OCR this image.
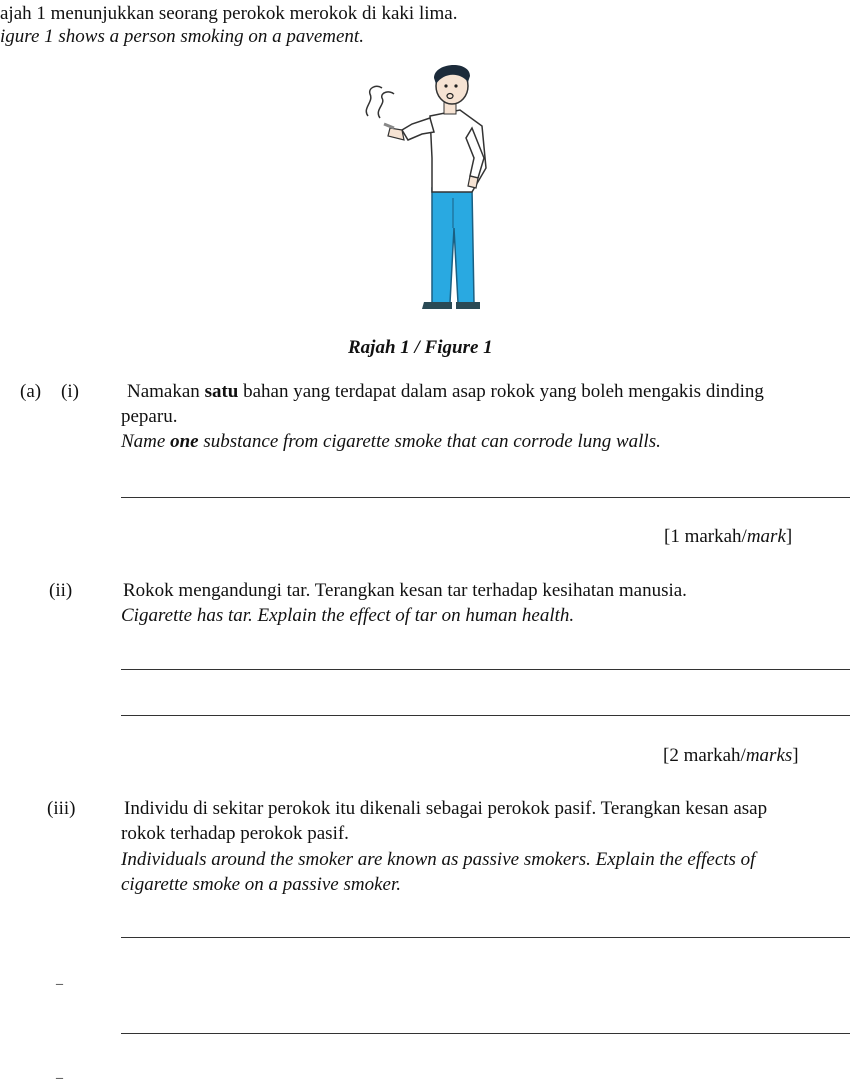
ajah 1 menunjukkan seorang perokok merokok di kaki lima.
igure 1 shows a person smoking on a pavement.
Rajah 1 / Figure 1
(a) (i)	Namakan satu bahan yang terdapat dalam asap rokok yang boleh mengakis dinding
peparu.
Name one substance from cigarette smoke that can corrode lung walls.
[1 markah/mark]
(ii)	Rokok mengandungi tar. Terangkan kesan tar terhadap kesihatan manusia.
Cigarette has tar. Explain the effect of tar on human health.
[2 markah/marks]
(iii)	Individu di sekitar perokok itu dikenali sebagai perokok pasif. Terangkan kesan asap
rokok terhadap perokok pasif.
Individuals around the smoker are known as passive smokers. Explain the effects of
cigarette smoke on a passive smoker.
_
_
